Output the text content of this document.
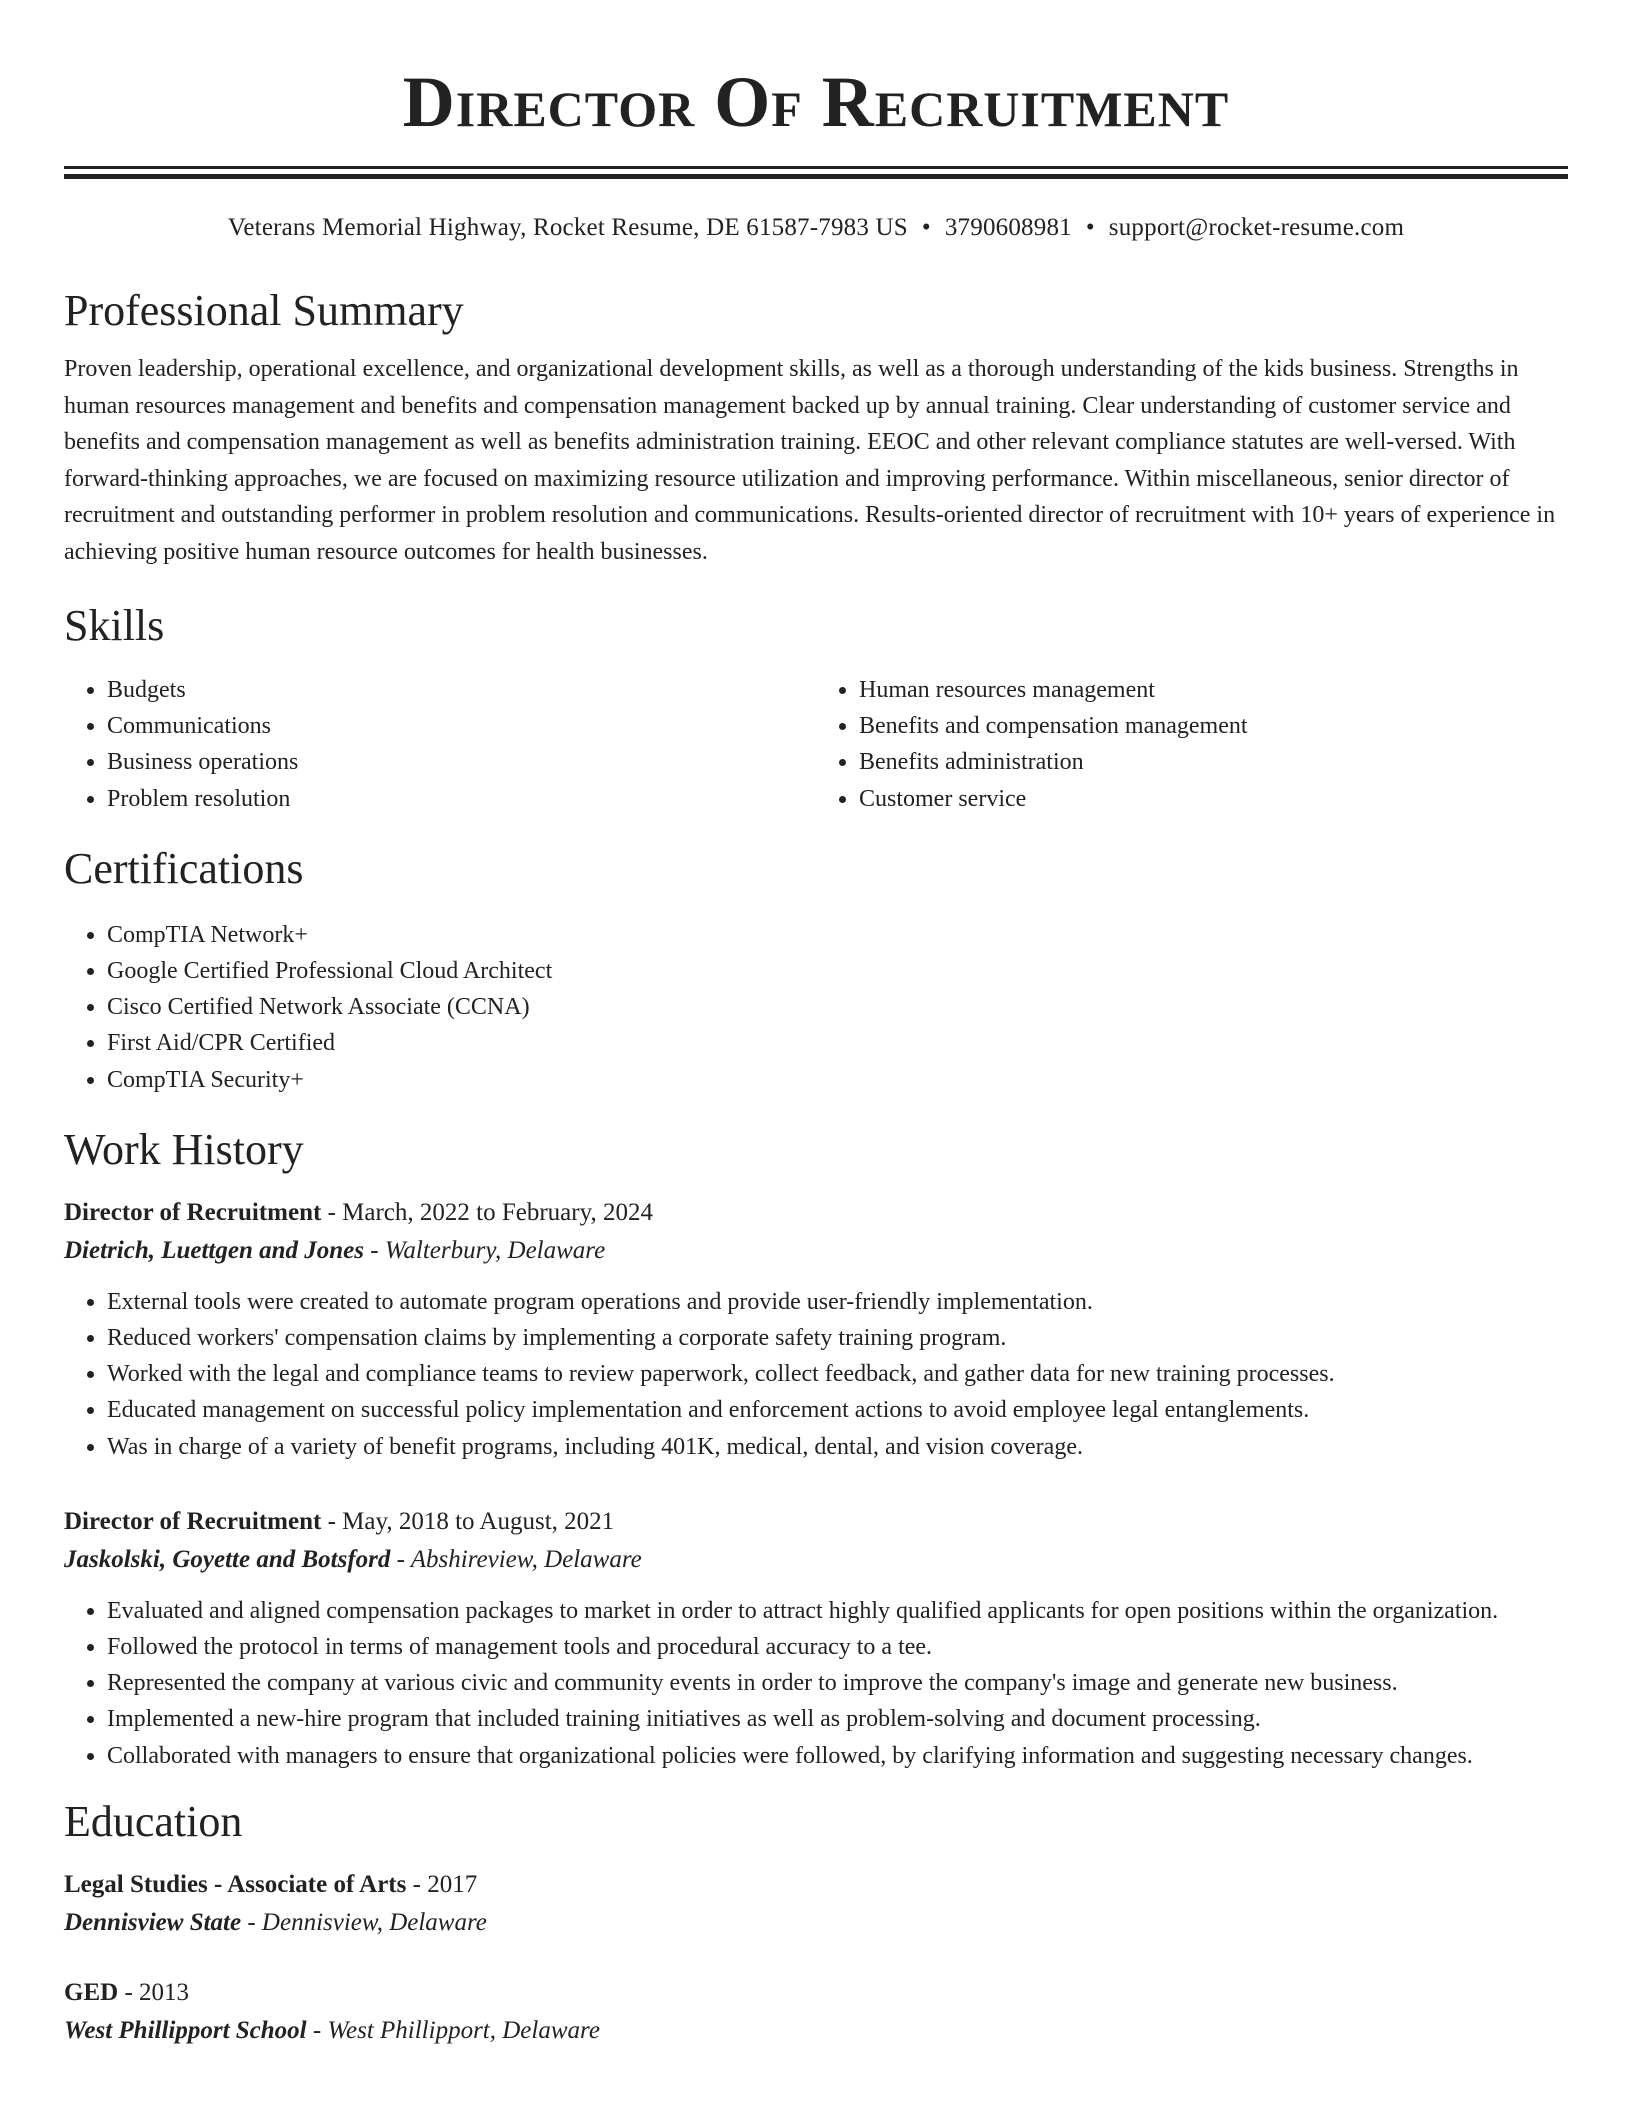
Director Of Recruitment
Veterans Memorial Highway, Rocket Resume, DE 61587-7983 US • 3790608981 • support@rocket-resume.com
Professional Summary

Proven leadership, operational excellence, and organizational development skills, as well as a thorough understanding of the kids business. Strengths in human resources management and benefits and compensation management backed up by annual training. Clear understanding of customer service and benefits and compensation management as well as benefits administration training. EEOC and other relevant compliance statutes are well-versed. With forward-thinking approaches, we are focused on maximizing resource utilization and improving performance. Within miscellaneous, senior director of recruitment and outstanding performer in problem resolution and communications. Results-oriented director of recruitment with 10+ years of experience in achieving positive human resource outcomes for health businesses.

Skills
• Budgets
• Communications
• Business operations
• Problem resolution
• Human resources management
• Benefits and compensation management
• Benefits administration
• Customer service
Certifications
• CompTIA Network+
• Google Certified Professional Cloud Architect
• Cisco Certified Network Associate (CCNA)
• First Aid/CPR Certified
• CompTIA Security+
Work History
Director of Recruitment - March, 2022 to February, 2024
Dietrich, Luettgen and Jones - Walterbury, Delaware
• External tools were created to automate program operations and provide user-friendly implementation.
• Reduced workers' compensation claims by implementing a corporate safety training program.
• Worked with the legal and compliance teams to review paperwork, collect feedback, and gather data for new training processes.
• Educated management on successful policy implementation and enforcement actions to avoid employee legal entanglements.
• Was in charge of a variety of benefit programs, including 401K, medical, dental, and vision coverage.
Director of Recruitment - May, 2018 to August, 2021
Jaskolski, Goyette and Botsford - Abshireview, Delaware
• Evaluated and aligned compensation packages to market in order to attract highly qualified applicants for open positions within the organization.
• Followed the protocol in terms of management tools and procedural accuracy to a tee.
• Represented the company at various civic and community events in order to improve the company's image and generate new business.
• Implemented a new-hire program that included training initiatives as well as problem-solving and document processing.
• Collaborated with managers to ensure that organizational policies were followed, by clarifying information and suggesting necessary changes.
Education
Legal Studies - Associate of Arts - 2017
Dennisview State - Dennisview, Delaware
GED - 2013
West Phillipport School - West Phillipport, Delaware
